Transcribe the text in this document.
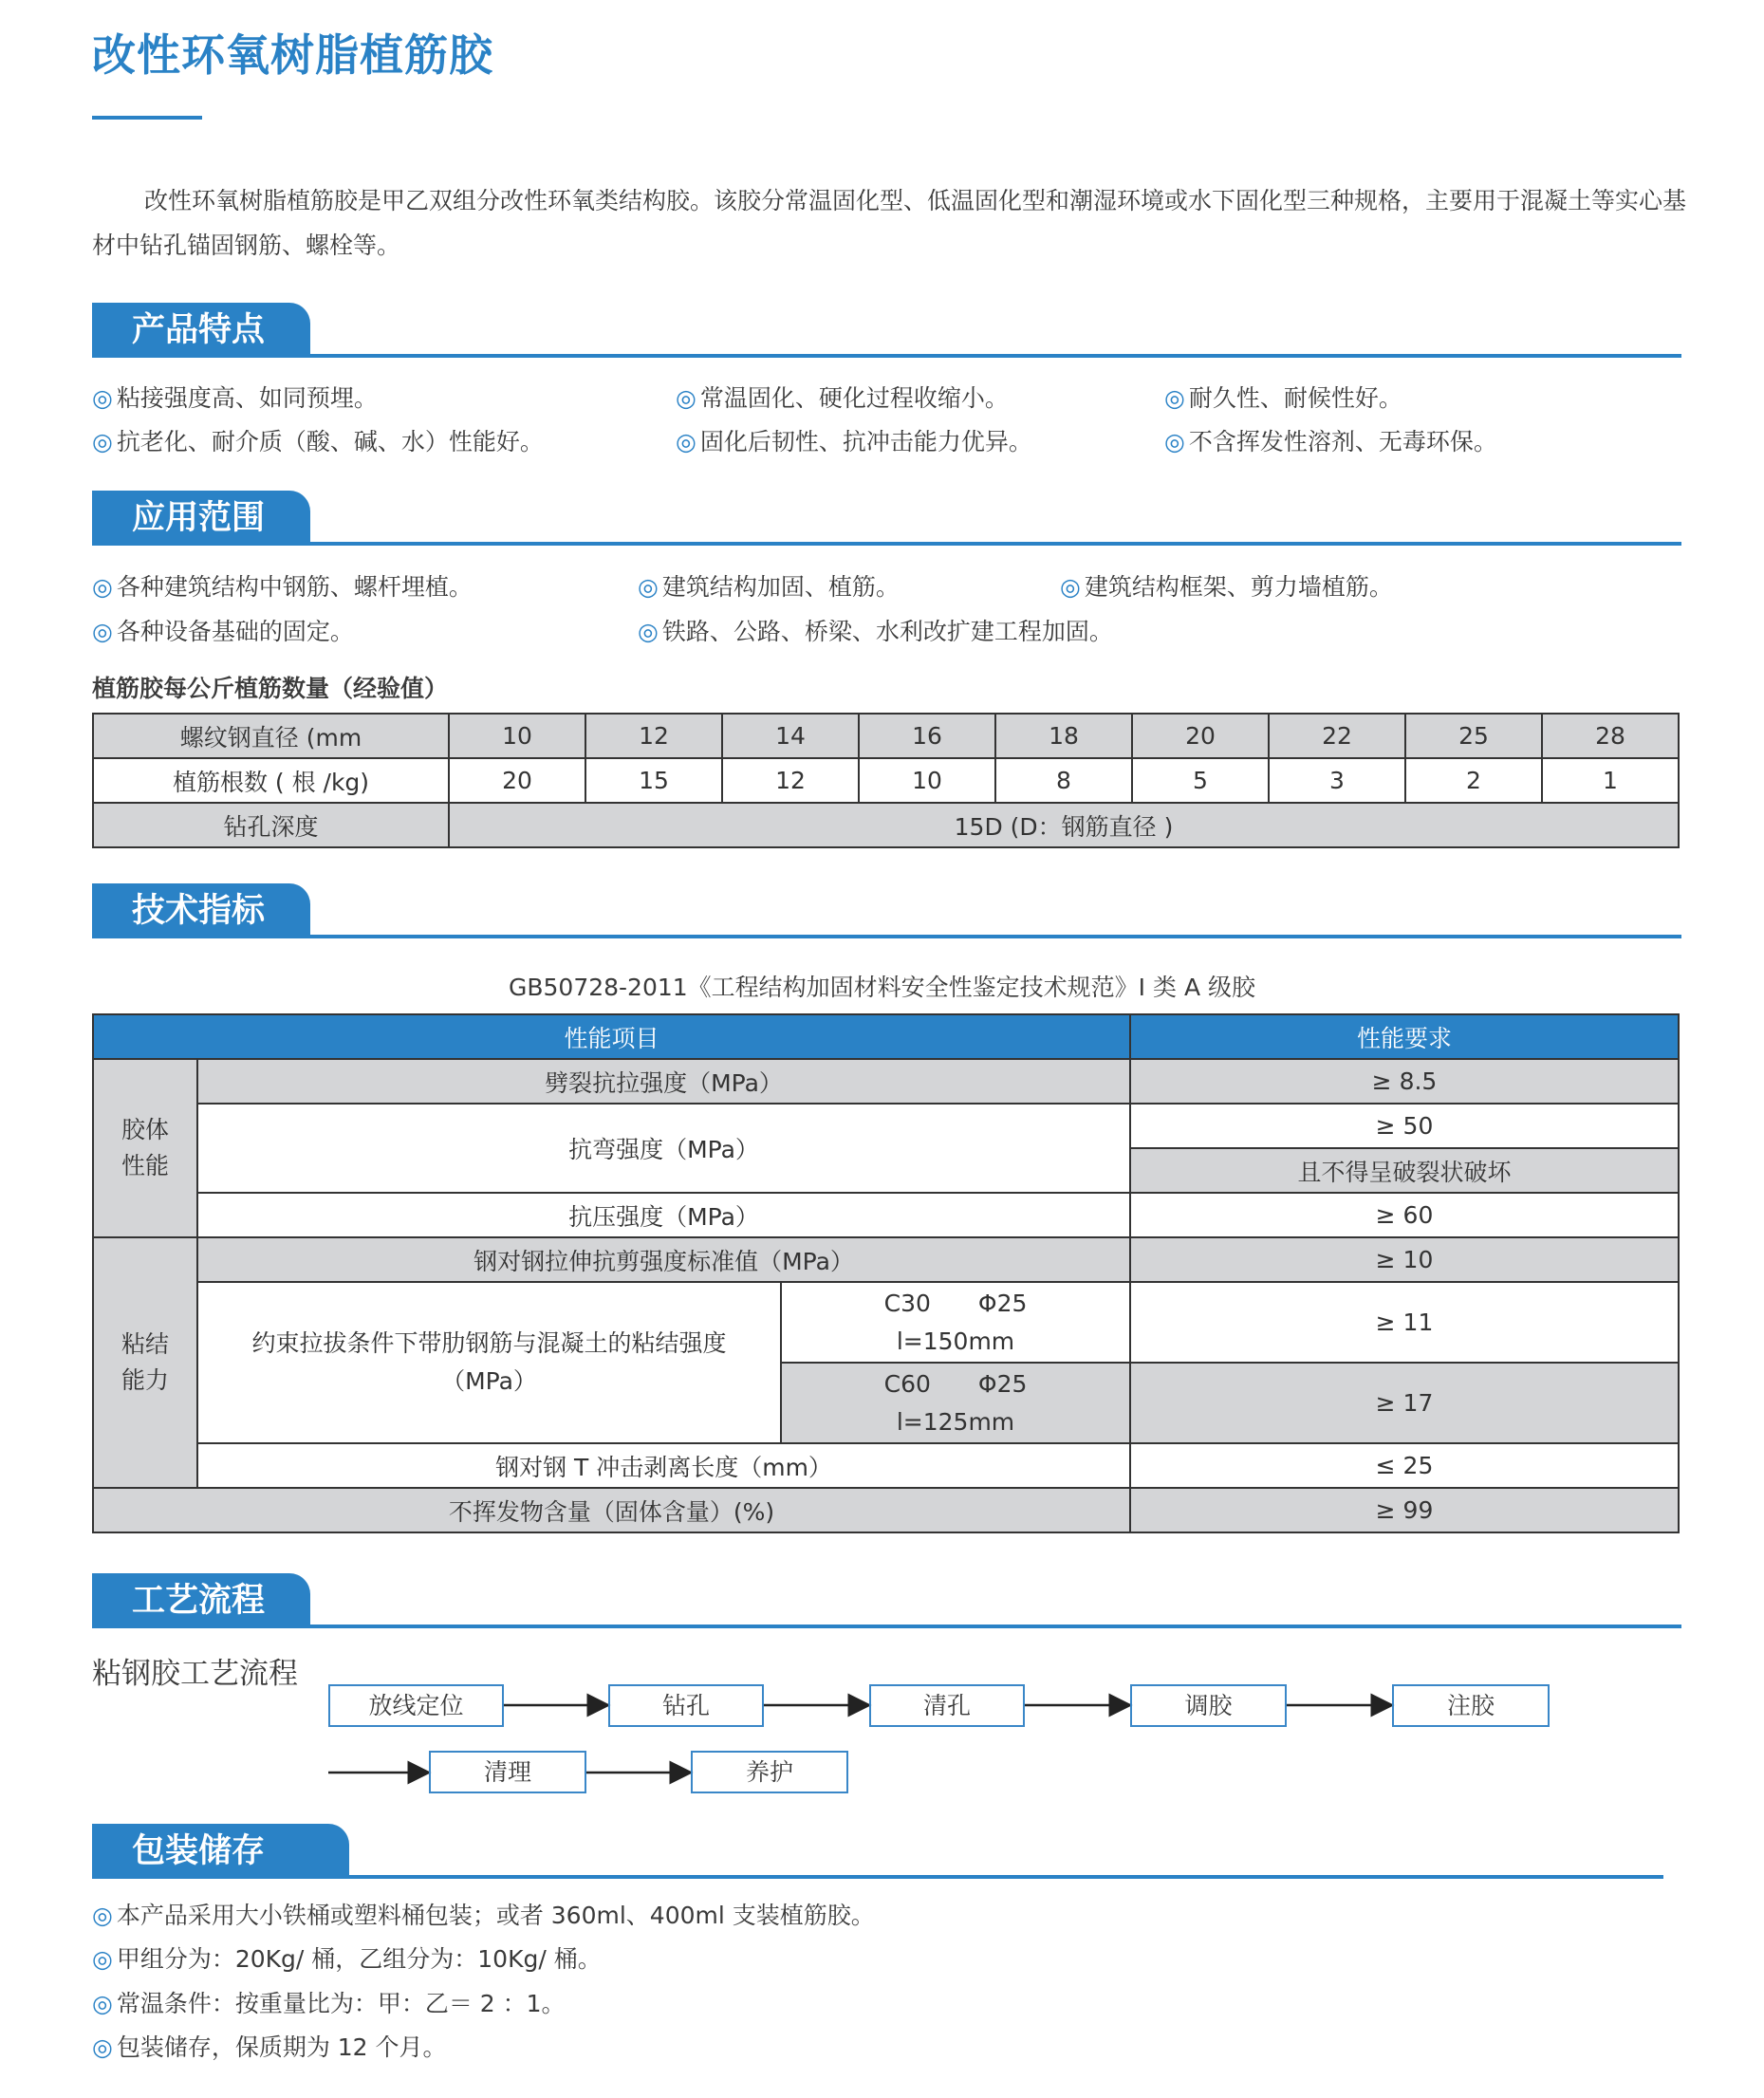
改性环氧树脂植筋胶
改性环氧树脂植筋胶是甲乙双组分改性环氧类结构胶。该胶分常温固化型、低温固化型和潮湿环境或水下固化型三种规格，主要用于混凝土等实心基材中钻孔锚固钢筋、螺栓等。
产品特点
◎ 粘接强度高、如同预埋。	◎ 常温固化、硬化过程收缩小。	◎ 耐久性、耐候性好。
◎ 抗老化、耐介质（酸、碱、水）性能好。	◎ 固化后韧性、抗冲击能力优异。	◎ 不含挥发性溶剂、无毒环保。
应用范围
◎ 各种建筑结构中钢筋、螺杆埋植。	◎ 建筑结构加固、植筋。	◎ 建筑结构框架、剪力墙植筋。
◎ 各种设备基础的固定。	◎ 铁路、公路、桥梁、水利改扩建工程加固。
植筋胶每公斤植筋数量（经验值）
螺纹钢直径 (mm	10	12	14	16	18	20	22	25	28
植筋根数 ( 根 /kg)	20	15	12	10	8	5	3	2	1
钻孔深度	15D (D：钢筋直径 )								
技术指标
GB50728-2011《工程结构加固材料安全性鉴定技术规范》I 类 A 级胶
性能项目			性能要求
胶体
性能	劈裂抗拉强度（MPa）		≥ 8.5
	抗弯强度（MPa）		≥ 50
			且不得呈破裂状破坏
	抗压强度（MPa）		≥ 60
粘结
能力	钢对钢拉伸抗剪强度标准值（MPa）		≥ 10
	约束拉拔条件下带肋钢筋与混凝土的粘结强度（MPa）	C30　　Φ25
l=150mm	≥ 11
		C60　　Φ25
l=125mm	≥ 17
	钢对钢 T 冲击剥离长度（mm）		≤ 25
不挥发物含量（固体含量）(%)			≥ 99
工艺流程
粘钢胶工艺流程
放线定位	钻孔	清孔	调胶	注胶
清理	养护
包装储存
◎ 本产品采用大小铁桶或塑料桶包装；或者 360ml、400ml 支装植筋胶。
◎ 甲组分为：20Kg/ 桶，乙组分为：10Kg/ 桶。
◎ 常温条件：按重量比为：甲：乙＝ 2 ：1。
◎ 包装储存，保质期为 12 个月。
